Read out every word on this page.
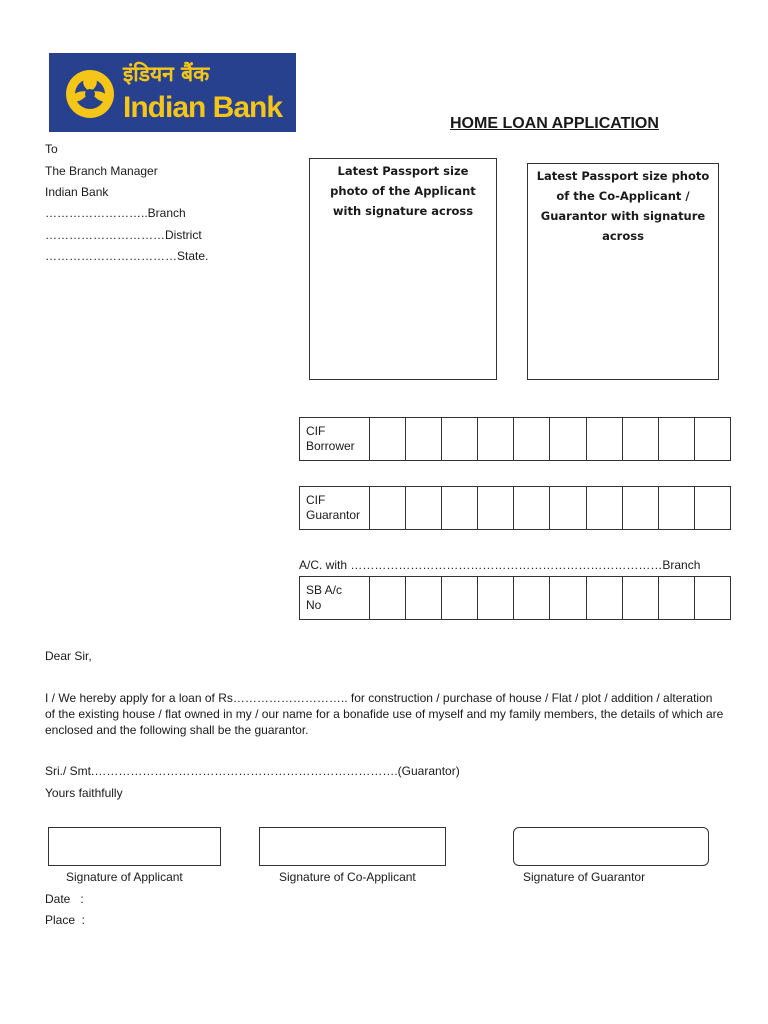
इंडियन बैंक
Indian Bank	HOME LOAN APPLICATION
To
The Branch Manager
Indian Bank
……………………..Branch
…………………………District
……………………………State.
Latest Passport size photo of the Applicant with signature across
Latest Passport size photo of the Co-Applicant / Guarantor with signature across
CIF
Borrower
CIF
Guarantor
A/C. with ……………………………………………………………………Branch
SB A/c
No
Dear Sir,
I / We hereby apply for a loan of Rs……………………….. for construction / purchase of house / Flat / plot / addition / alteration of the existing house / flat owned in my / our name for a bonafide use of myself and my family members, the details of which are enclosed and the following shall be the guarantor.
Sri./ Smt.………………………………………………………………….(Guarantor)
Yours faithfully
Signature of Applicant	Signature of Co-Applicant	Signature of Guarantor
Date   :
Place  :
